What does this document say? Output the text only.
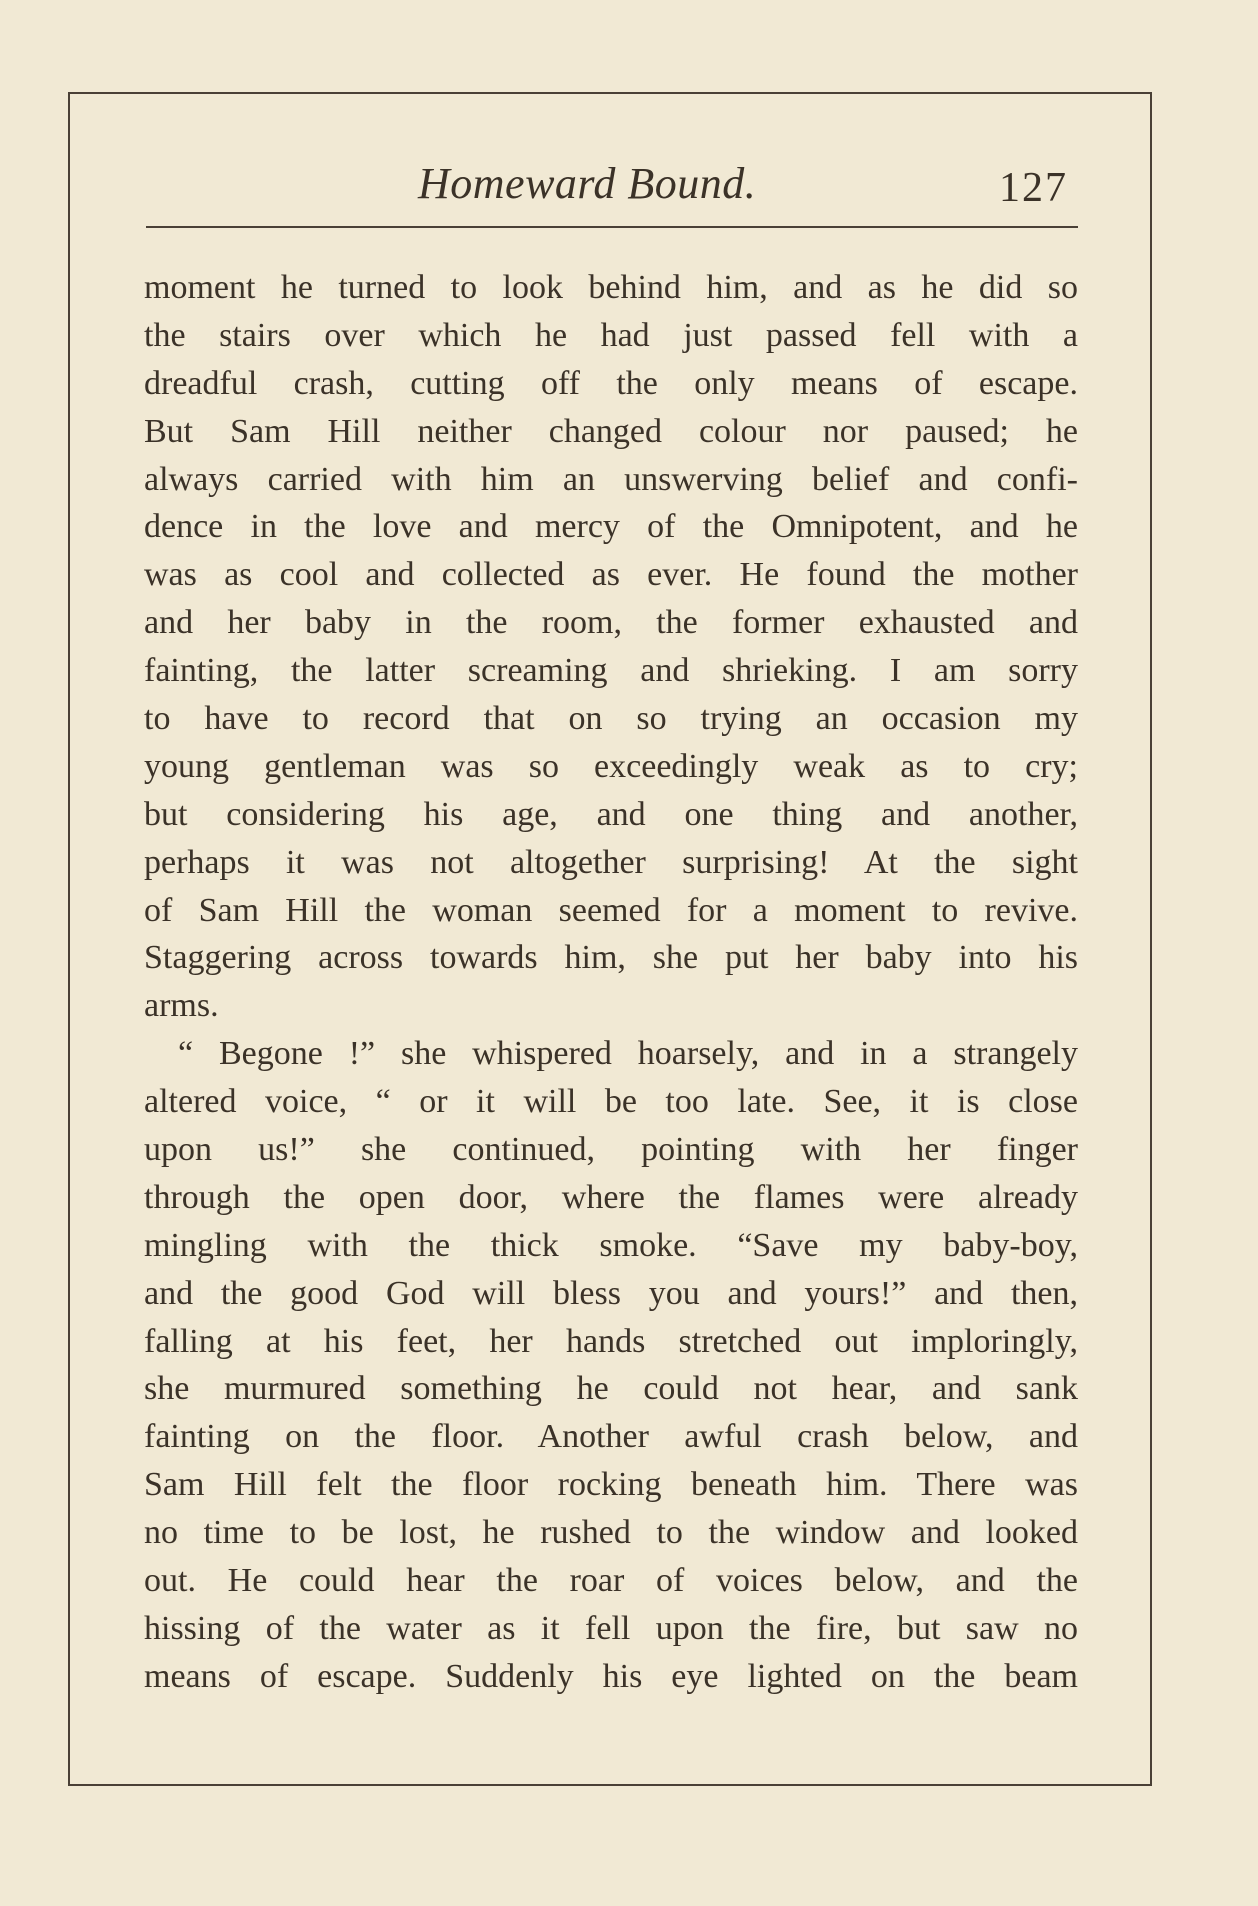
Homeward Bound.	127
moment he turned to look behind him, and as he did so
the stairs over which he had just passed fell with a
dreadful crash, cutting off the only means of escape.
But Sam Hill neither changed colour nor paused; he
always carried with him an unswerving belief and confi-
dence in the love and mercy of the Omnipotent, and he
was as cool and collected as ever. He found the mother
and her baby in the room, the former exhausted and
fainting, the latter screaming and shrieking. I am sorry
to have to record that on so trying an occasion my
young gentleman was so exceedingly weak as to cry;
but considering his age, and one thing and another,
perhaps it was not altogether surprising! At the sight
of Sam Hill the woman seemed for a moment to revive.
Staggering across towards him, she put her baby into his
arms.
“ Begone !” she whispered hoarsely, and in a strangely
altered voice, “ or it will be too late. See, it is close
upon us!” she continued, pointing with her finger
through the open door, where the flames were already
mingling with the thick smoke. “Save my baby-boy,
and the good God will bless you and yours!” and then,
falling at his feet, her hands stretched out imploringly,
she murmured something he could not hear, and sank
fainting on the floor. Another awful crash below, and
Sam Hill felt the floor rocking beneath him. There was
no time to be lost, he rushed to the window and looked
out. He could hear the roar of voices below, and the
hissing of the water as it fell upon the fire, but saw no
means of escape. Suddenly his eye lighted on the beam
